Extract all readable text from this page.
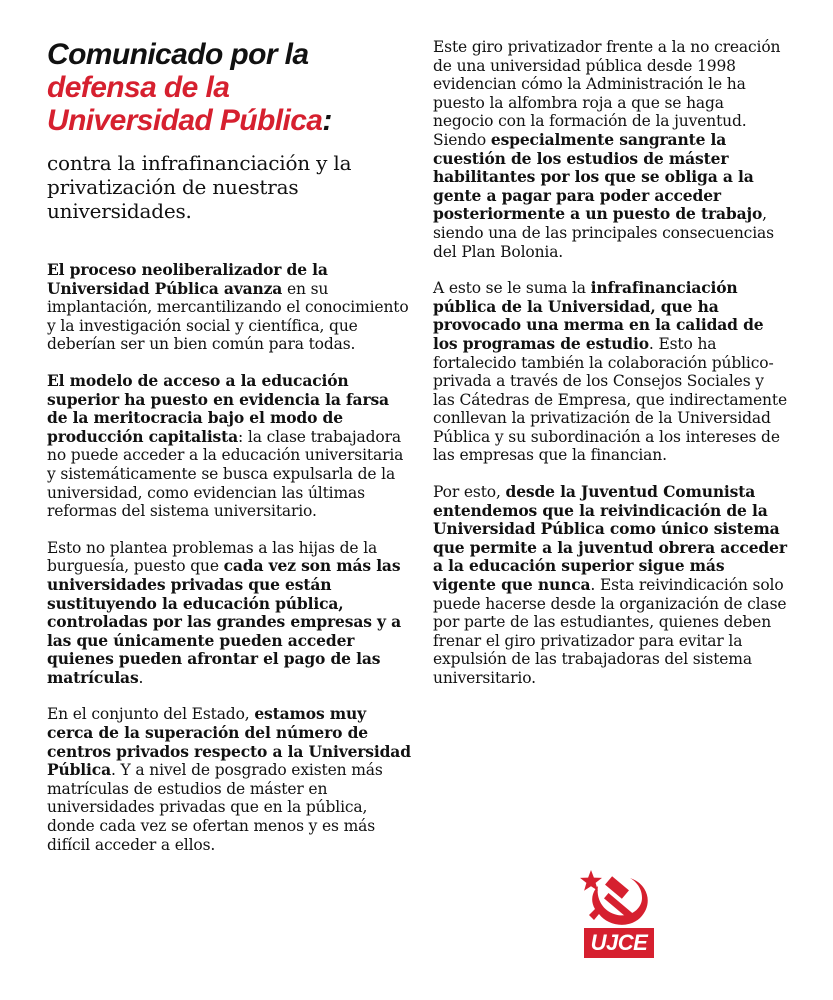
Comunicado por la
defensa de la
Universidad Pública:

contra la infrafinanciación y la privatización de nuestras universidades.

El proceso neoliberalizador de la Universidad Pública avanza en su implantación, mercantilizando el conocimiento y la investigación social y científica, que deberían ser un bien común para todas.

El modelo de acceso a la educación superior ha puesto en evidencia la farsa de la meritocracia bajo el modo de producción capitalista: la clase trabajadora no puede acceder a la educación universitaria y sistemáticamente se busca expulsarla de la universidad, como evidencian las últimas reformas del sistema universitario.

Esto no plantea problemas a las hijas de la burguesía, puesto que cada vez son más las universidades privadas que están sustituyendo la educación pública, controladas por las grandes empresas y a las que únicamente pueden acceder quienes pueden afrontar el pago de las matrículas.

En el conjunto del Estado, estamos muy cerca de la superación del número de centros privados respecto a la Universidad Pública. Y a nivel de posgrado existen más matrículas de estudios de máster en universidades privadas que en la pública, donde cada vez se ofertan menos y es más difícil acceder a ellos.

Este giro privatizador frente a la no creación de una universidad pública desde 1998 evidencian cómo la Administración le ha puesto la alfombra roja a que se haga negocio con la formación de la juventud. Siendo especialmente sangrante la cuestión de los estudios de máster habilitantes por los que se obliga a la gente a pagar para poder acceder posteriormente a un puesto de trabajo, siendo una de las principales consecuencias del Plan Bolonia.

A esto se le suma la infrafinanciación pública de la Universidad, que ha provocado una merma en la calidad de los programas de estudio. Esto ha fortalecido también la colaboración público-privada a través de los Consejos Sociales y las Cátedras de Empresa, que indirectamente conllevan la privatización de la Universidad Pública y su subordinación a los intereses de las empresas que la financian.

Por esto, desde la Juventud Comunista entendemos que la reivindicación de la Universidad Pública como único sistema que permite a la juventud obrera acceder a la educación superior sigue más vigente que nunca. Esta reivindicación solo puede hacerse desde la organización de clase por parte de las estudiantes, quienes deben frenar el giro privatizador para evitar la expulsión de las trabajadoras del sistema universitario.

UJCE
